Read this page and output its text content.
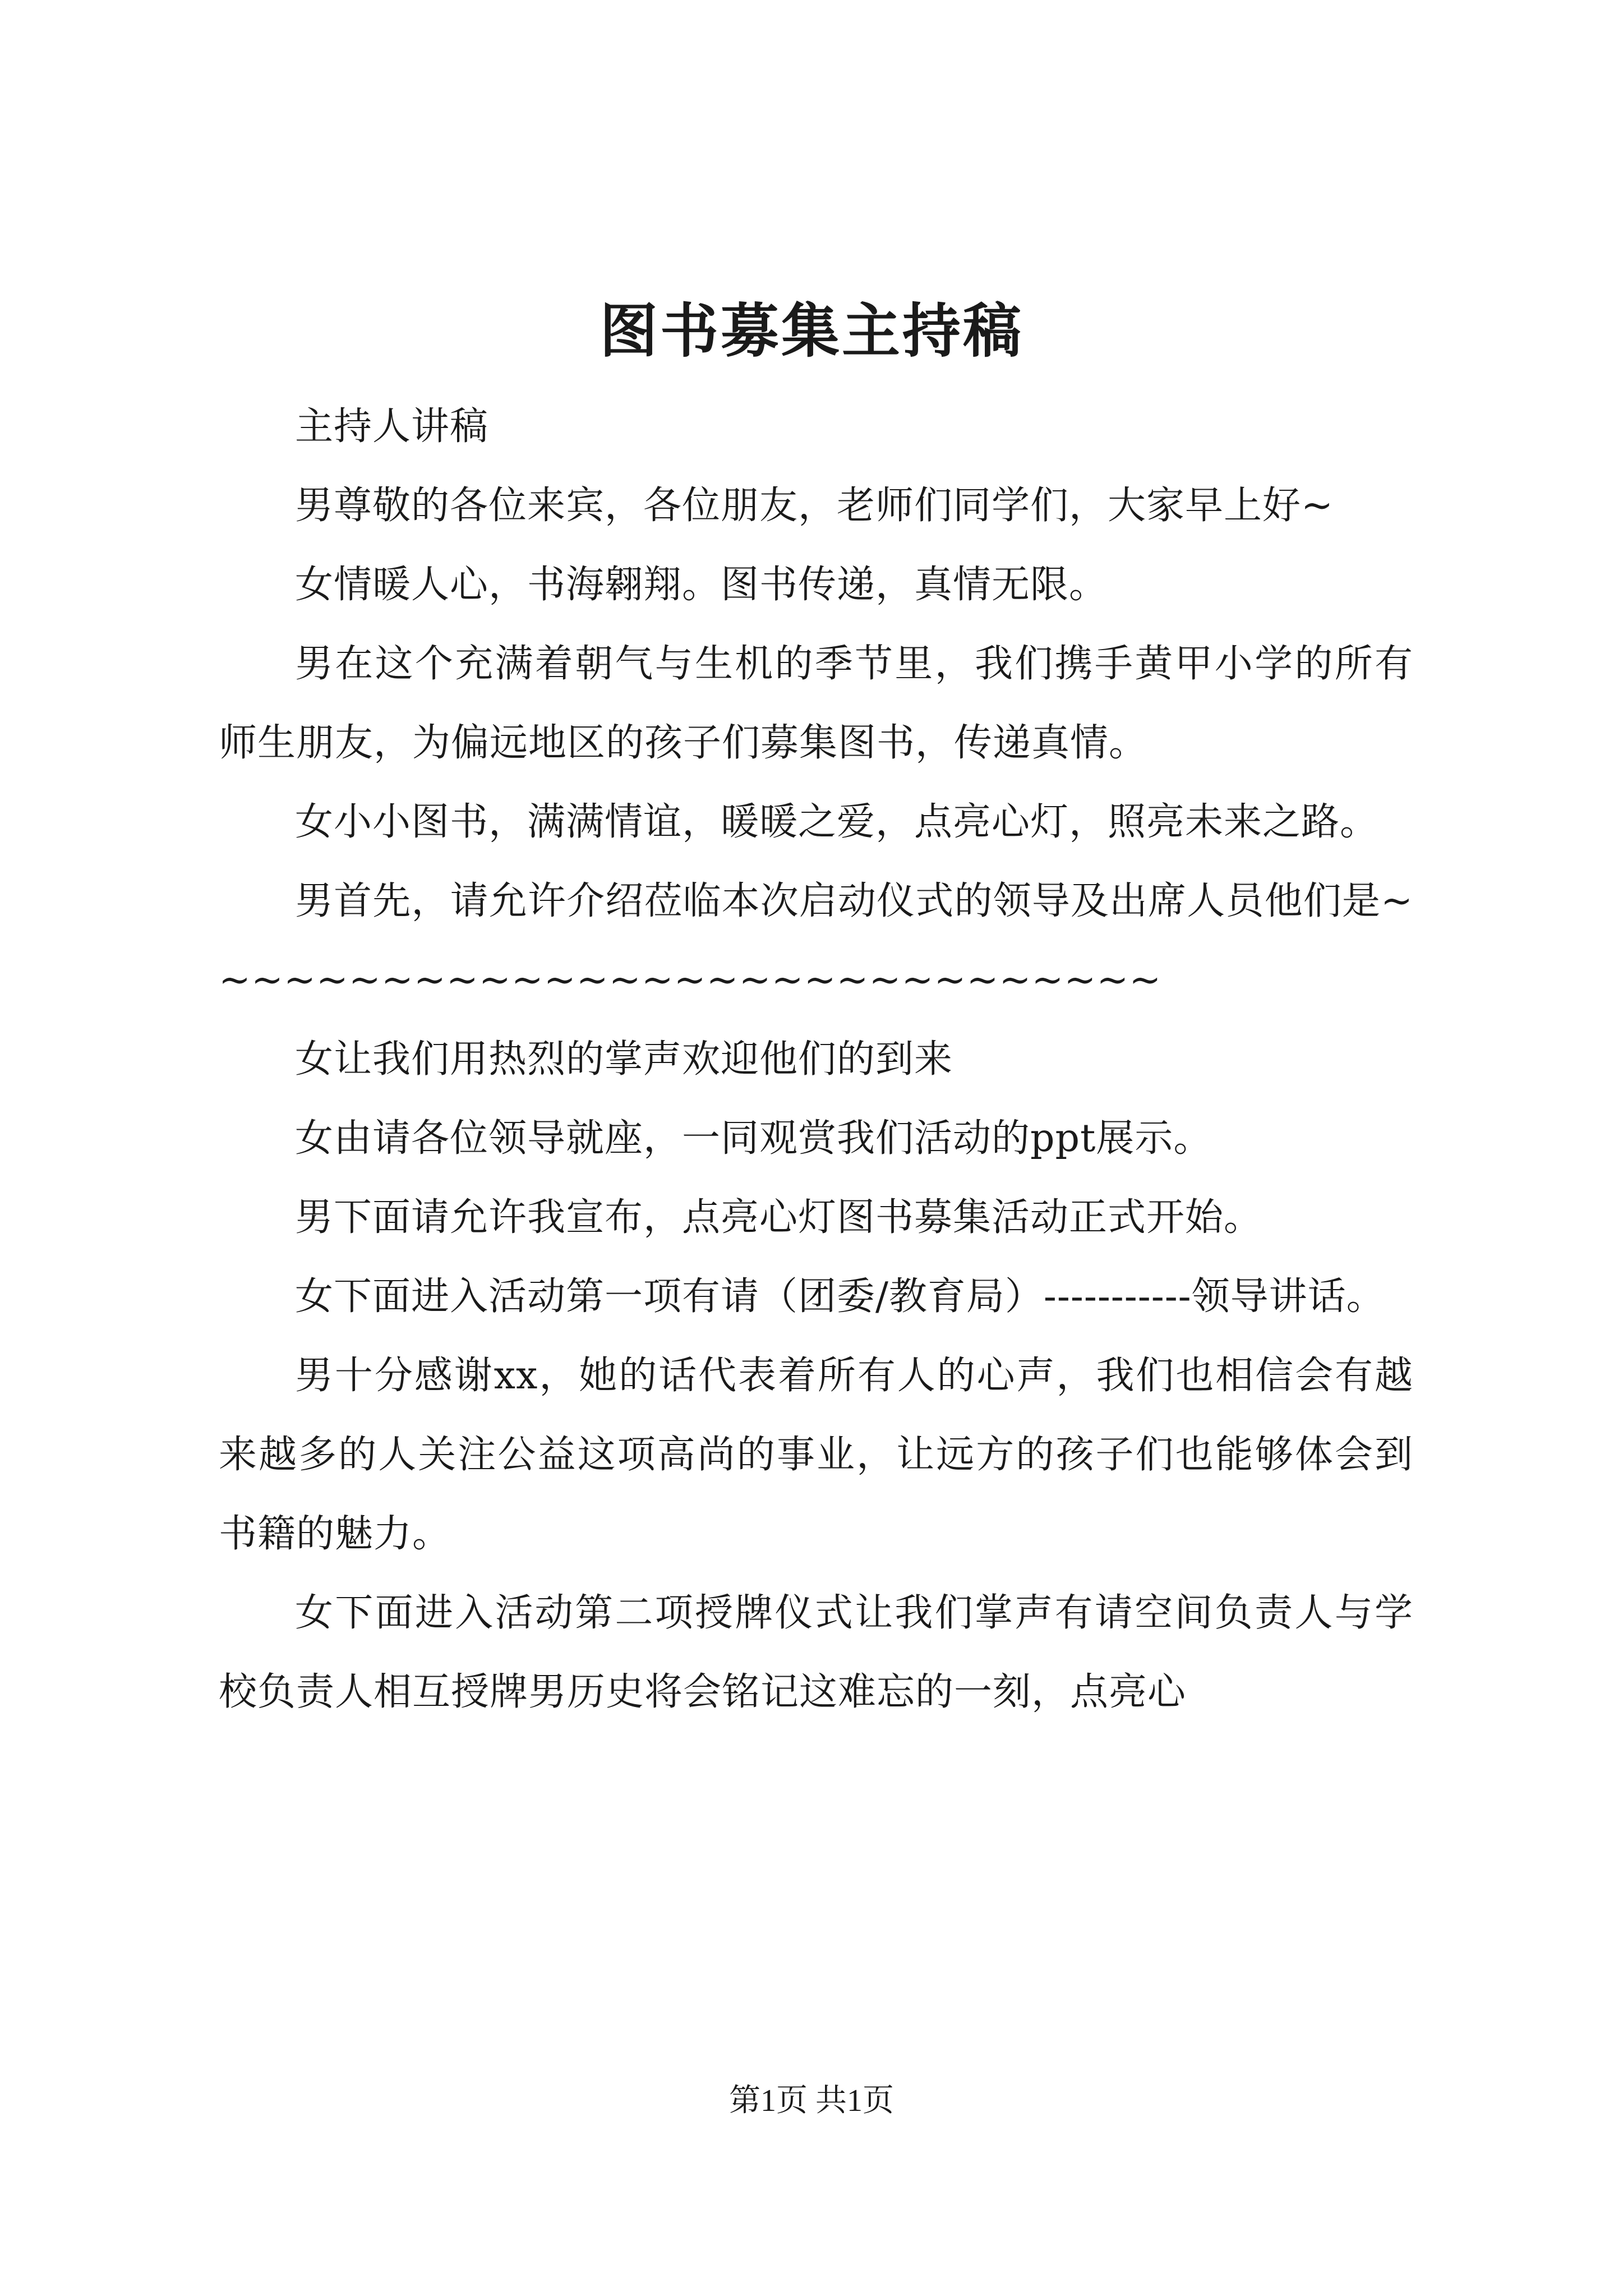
图书募集主持稿

主持人讲稿

男尊敬的各位来宾，各位朋友，老师们同学们，大家早上好~

女情暖人心，书海翱翔。图书传递，真情无限。

男在这个充满着朝气与生机的季节里，我们携手黄甲小学的所有师生朋友，为偏远地区的孩子们募集图书，传递真情。

女小小图书，满满情谊，暖暖之爱，点亮心灯，照亮未来之路。

男首先，请允许介绍莅临本次启动仪式的领导及出席人员他们是~~~~~~~~~~~~~~~~~~~~~~~~~~~~~~

女让我们用热烈的掌声欢迎他们的到来

女由请各位领导就座，一同观赏我们活动的ppt展示。

男下面请允许我宣布，点亮心灯图书募集活动正式开始。

女下面进入活动第一项有请（团委/教育局）-----------领导讲话。

男十分感谢xx，她的话代表着所有人的心声，我们也相信会有越来越多的人关注公益这项高尚的事业，让远方的孩子们也能够体会到书籍的魅力。

女下面进入活动第二项授牌仪式让我们掌声有请空间负责人与学校负责人相互授牌男历史将会铭记这难忘的一刻，点亮心

第1页 共1页
